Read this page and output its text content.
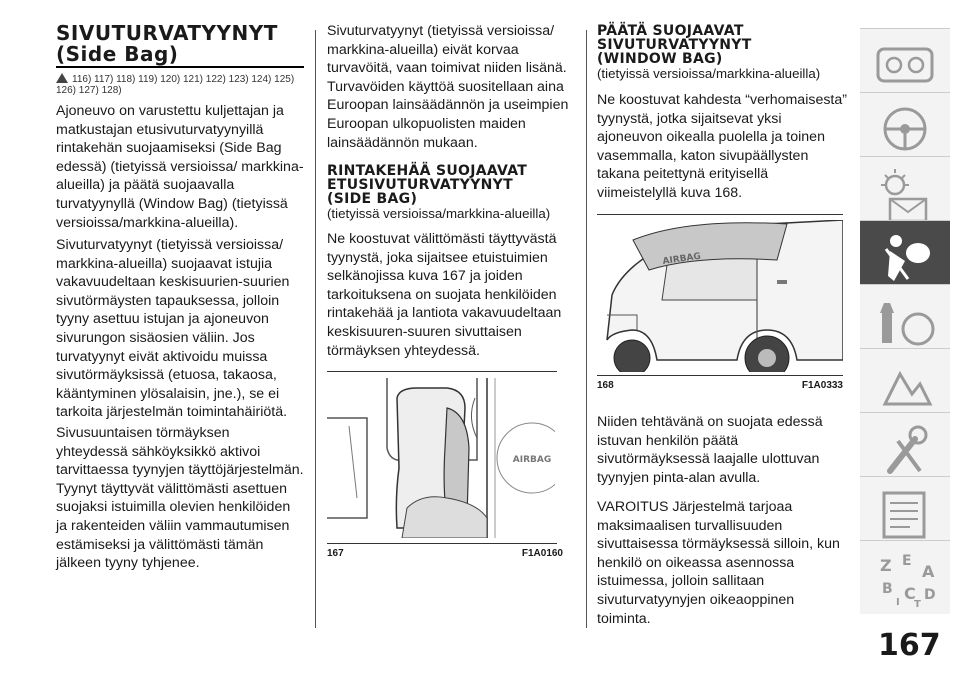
SIVUTURVATYYNYT
(Side Bag)
116) 117) 118) 119) 120) 121) 122) 123) 124) 125)
126) 127) 128)

Ajoneuvo on varustettu kuljettajan ja matkustajan etusivuturvatyynyillä rintakehän suojaamiseksi (Side Bag edessä) (tietyissä versioissa/ markkina-alueilla) ja päätä suojaavalla turvatyynyllä (Window Bag) (tietyissä versioissa/markkina-alueilla).

Sivuturvatyynyt (tietyissä versioissa/ markkina-alueilla) suojaavat istujia vakavuudeltaan keskisuurien-suurien sivutörmäysten tapauksessa, jolloin tyyny asettuu istujan ja ajoneuvon sivurungon sisäosien väliin. Jos turvatyynyt eivät aktivoidu muissa sivutörmäyksissä (etuosa, takaosa, kääntyminen ylösalaisin, jne.), se ei tarkoita järjestelmän toimintahäiriötä.

Sivusuuntaisen törmäyksen yhteydessä sähköyksikkö aktivoi tarvittaessa tyynyjen täyttöjärjestelmän. Tyynyt täyttyvät välittömästi asettuen suojaksi istuimilla olevien henkilöiden ja rakenteiden väliin vammautumisen estämiseksi ja välittömästi tämän jälkeen tyyny tyhjenee.

Sivuturvatyynyt (tietyissä versioissa/ markkina-alueilla) eivät korvaa turvavöitä, vaan toimivat niiden lisänä. Turvavöiden käyttöä suositellaan aina Euroopan lainsäädännön ja useimpien Euroopan ulkopuolisten maiden lainsäädännön mukaan.

RINTAKEHÄÄ SUOJAAVAT
ETUSIVUTURVATYYNYT
(SIDE BAG)
(tietyissä versioissa/markkina-alueilla)

Ne koostuvat välittömästi täyttyvästä tyynystä, joka sijaitsee etuistuimien selkänojissa kuva 167 ja joiden tarkoituksena on suojata henkilöiden rintakehää ja lantiota vakavuudeltaan keskisuuren-suuren sivuttaisen törmäyksen yhteydessä.

AIRBAG
167	F1A0160
PÄÄTÄ SUOJAAVAT
SIVUTURVATYYNYT
(WINDOW BAG)
(tietyissä versioissa/markkina-alueilla)

Ne koostuvat kahdesta “verhomaisesta” tyynystä, jotka sijaitsevat yksi ajoneuvon oikealla puolella ja toinen vasemmalla, katon sivupäällysten takana peitettynä erityisellä viimeistelyllä kuva 168.

AIRBAG
168	F1A0333

Niiden tehtävänä on suojata edessä istuvan henkilön päätä sivutörmäyksessä laajalle ulottuvan tyynyjen pinta-alan avulla.

VAROITUS Järjestelmä tarjoaa maksimaalisen turvallisuuden sivuttaisessa törmäyksessä silloin, kun henkilö on oikeassa asennossa istuimessa, jolloin sallitaan sivuturvatyynyjen oikeaoppinen toiminta.

Z E
A
B C D
I T
167
